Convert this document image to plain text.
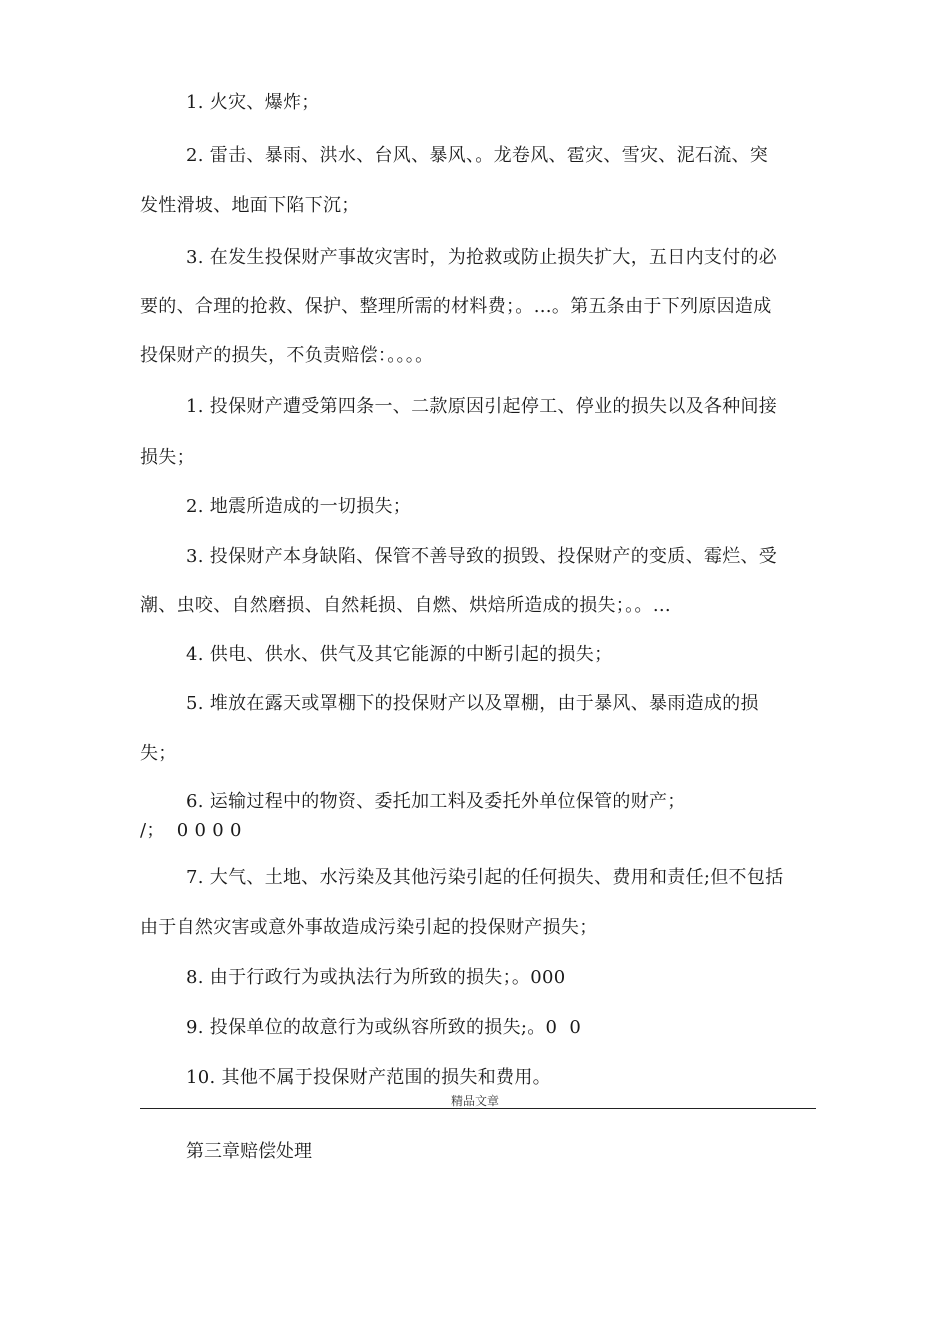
1. 火灾、爆炸；
2. 雷击、暴雨、洪水、台风、暴风、。龙卷风、雹灾、雪灾、泥石流、突
发性滑坡、地面下陷下沉；
3. 在发生投保财产事故灾害时，为抢救或防止损失扩大，五日内支付的必
要的、合理的抢救、保护、整理所需的材料费；。…。第五条由于下列原因造成
投保财产的损失，不负责赔偿：。。。。
1. 投保财产遭受第四条一、二款原因引起停工、停业的损失以及各种间接
损失；
2. 地震所造成的一切损失；
3. 投保财产本身缺陷、保管不善导致的损毁、投保财产的变质、霉烂、受
潮、虫咬、自然磨损、自然耗损、自燃、烘焙所造成的损失；。。…
4. 供电、供水、供气及其它能源的中断引起的损失；
5. 堆放在露天或罩棚下的投保财产以及罩棚，由于暴风、暴雨造成的损
失；
6. 运输过程中的物资、委托加工料及委托外单位保管的财产；
/；  0 0 0 0
7. 大气、土地、水污染及其他污染引起的任何损失、费用和责任;但不包括
由于自然灾害或意外事故造成污染引起的投保财产损失；
8. 由于行政行为或执法行为所致的损失；。000
9. 投保单位的故意行为或纵容所致的损失;。0  0
10. 其他不属于投保财产范围的损失和费用。
精品文章
第三章赔偿处理
